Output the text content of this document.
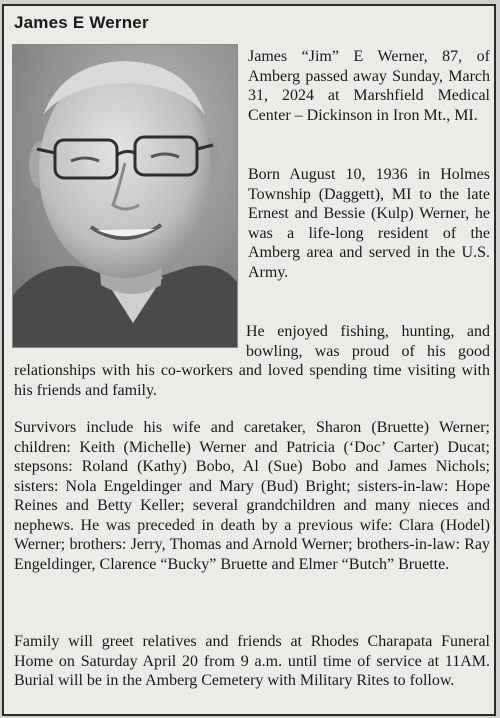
James E Werner

James “Jim” E Werner, 87, of Amberg passed away Sunday, March 31, 2024 at Marshfield Medical Center – Dickinson in Iron Mt., MI.

Born August 10, 1936 in Holmes Township (Daggett), MI to the late Ernest and Bessie (Kulp) Werner, he was a life-long resident of the Amberg area and served in the U.S. Army.

He enjoyed fishing, hunting, and bowling, was proud of his good relationships with his co-workers and loved spending time visiting with his friends and family.

Survivors include his wife and caretaker, Sharon (Bruette) Werner; children: Keith (Michelle) Werner and Patricia (‘Doc’ Carter) Ducat; stepsons: Roland (Kathy) Bobo, Al (Sue) Bobo and James Nichols; sisters: Nola Engeldinger and Mary (Bud) Bright; sisters-in-law: Hope Reines and Betty Keller; several grandchildren and many nieces and nephews. He was preceded in death by a previous wife: Clara (Hodel) Werner; brothers: Jerry, Thomas and Arnold Werner; brothers-in-law: Ray Engeldinger, Clarence “Bucky” Bruette and Elmer “Butch” Bruette.

Family will greet relatives and friends at Rhodes Charapata Funeral Home on Saturday April 20 from 9 a.m. until time of service at 11AM. Burial will be in the Amberg Cemetery with Military Rites to follow.
